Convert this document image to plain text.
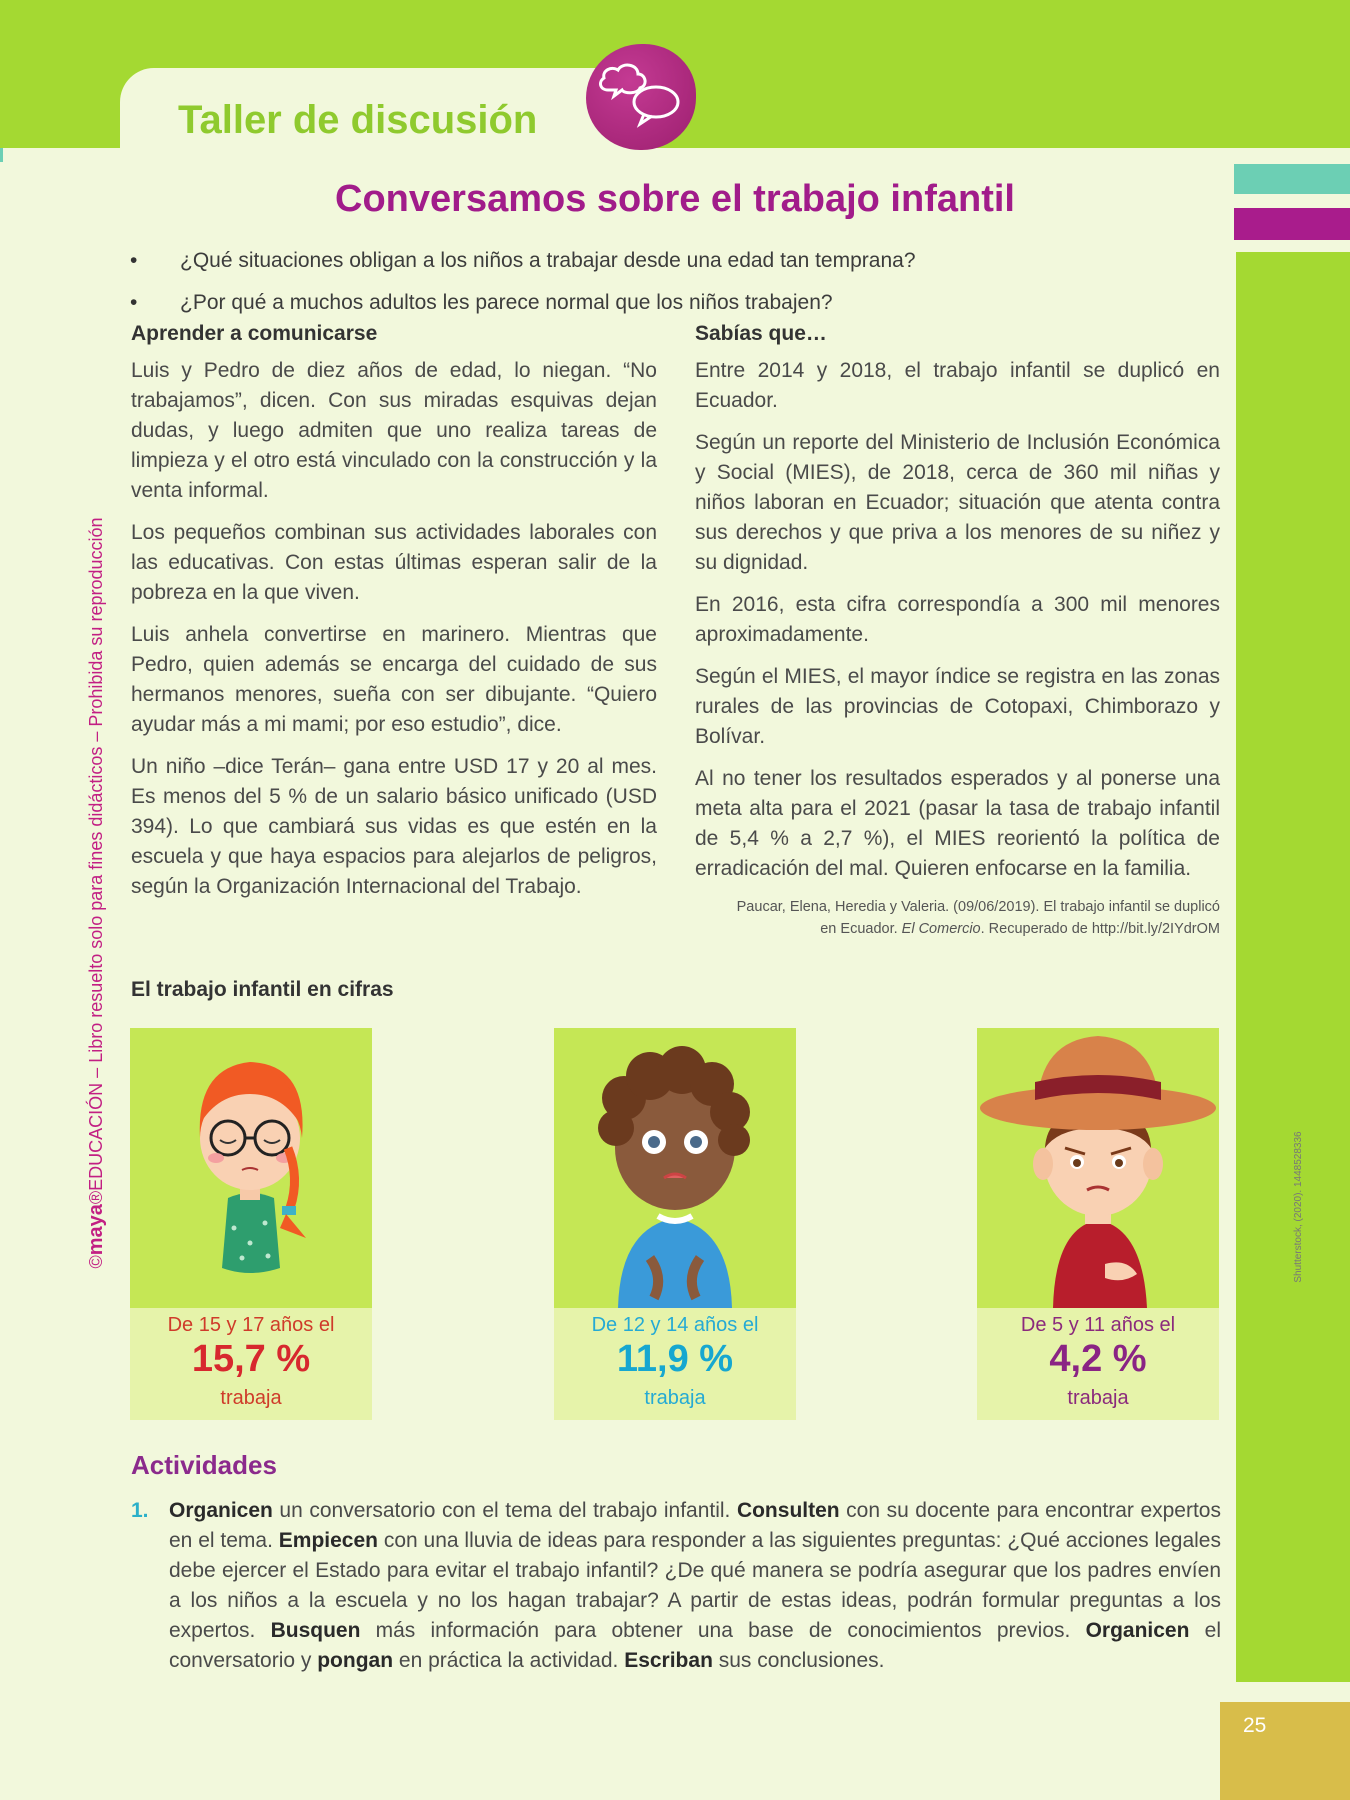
Taller de discusión
25
©maya®EDUCACIÓN – Libro resuelto solo para fines didácticos – Prohibida su reproducción
Shutterstock, (2020). 1448528336
Conversamos sobre el trabajo infantil
• ¿Qué situaciones obligan a los niños a trabajar desde una edad tan temprana?
• ¿Por qué a muchos adultos les parece normal que los niños trabajen?
Aprender a comunicarse

Luis y Pedro de diez años de edad, lo niegan. “No trabajamos”, dicen. Con sus miradas esquivas dejan dudas, y luego admiten que uno realiza tareas de limpieza y el otro está vinculado con la construcción y la venta informal.

Los pequeños combinan sus actividades laborales con las educativas. Con estas últimas esperan salir de la pobreza en la que viven.

Luis anhela convertirse en marinero. Mientras que Pedro, quien además se encarga del cuidado de sus hermanos menores, sueña con ser dibujante. “Quiero ayudar más a mi mami; por eso estudio”, dice.

Un niño –dice Terán– gana entre USD 17 y 20 al mes. Es menos del 5 % de un salario básico unificado (USD 394). Lo que cambiará sus vidas es que estén en la escuela y que haya espacios para alejarlos de peligros, según la Organización Internacional del Trabajo.

Sabías que…

Entre 2014 y 2018, el trabajo infantil se duplicó en Ecuador.

Según un reporte del Ministerio de Inclusión Económica y Social (MIES), de 2018, cerca de 360 mil niñas y niños laboran en Ecuador; situación que atenta contra sus derechos y que priva a los menores de su niñez y su dignidad.

En 2016, esta cifra correspondía a 300 mil menores aproximadamente.

Según el MIES, el mayor índice se registra en las zonas rurales de las provincias de Cotopaxi, Chimborazo y Bolívar.

Al no tener los resultados esperados y al ponerse una meta alta para el 2021 (pasar la tasa de trabajo infantil de 5,4 % a 2,7 %), el MIES reorientó la política de erradicación del mal. Quieren enfocarse en la familia.

Paucar, Elena, Heredia y Valeria. (09/06/2019). El trabajo infantil se duplicó
en Ecuador. El Comercio. Recuperado de http://bit.ly/2IYdrOM
El trabajo infantil en cifras
De 15 y 17 años el
15,7 %
trabaja
De 12 y 14 años el
11,9 %
trabaja
De 5 y 11 años el
4,2 %
trabaja
Actividades
1. Organicen un conversatorio con el tema del trabajo infantil. Consulten con su docente para encontrar expertos en el tema. Empiecen con una lluvia de ideas para responder a las siguientes preguntas: ¿Qué acciones legales debe ejercer el Estado para evitar el trabajo infantil? ¿De qué manera se podría asegurar que los padres envíen a los niños a la escuela y no los hagan trabajar? A partir de estas ideas, podrán formular preguntas a los expertos. Busquen más información para obtener una base de conocimientos previos. Organicen el conversatorio y pongan en práctica la actividad. Escriban sus conclusiones.
